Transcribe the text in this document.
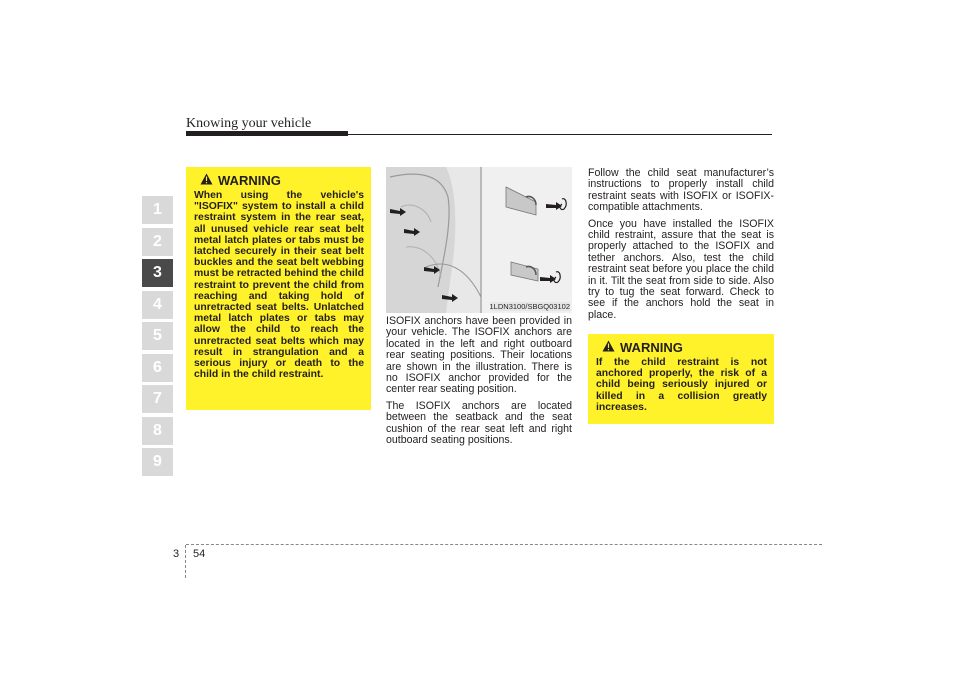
Knowing your vehicle
1
2
3
4
5
6
7
8
9
WARNING
When using the vehicle's "ISOFIX" system to install a child restraint system in the rear seat, all unused vehicle rear seat belt metal latch plates or tabs must be latched securely in their seat belt buckles and the seat belt webbing must be retracted behind the child restraint to prevent the child from reaching and taking hold of unretracted seat belts. Unlatched metal latch plates or tabs may allow the child to reach the unretracted seat belts which may result in strangulation and a serious injury or death to the child in the child restraint.
1LDN3100/SBGQ03102

ISOFIX anchors have been provided in your vehicle. The ISOFIX anchors are located in the left and right outboard rear seating positions. Their locations are shown in the illustration. There is no ISOFIX anchor provided for the center rear seating position.

The ISOFIX anchors are located between the seatback and the seat cushion of the rear seat left and right outboard seating positions.

Follow the child seat manufacturer’s instructions to properly install child restraint seats with ISOFIX or ISOFIX-compatible attachments.

Once you have installed the ISOFIX child restraint, assure that the seat is properly attached to the ISOFIX and tether anchors. Also, test the child restraint seat before you place the child in it. Tilt the seat from side to side. Also try to tug the seat forward. Check to see if the anchors hold the seat in place.

WARNING
If the child restraint is not anchored properly, the risk of a child being seriously injured or killed in a collision greatly increases.
3 54
